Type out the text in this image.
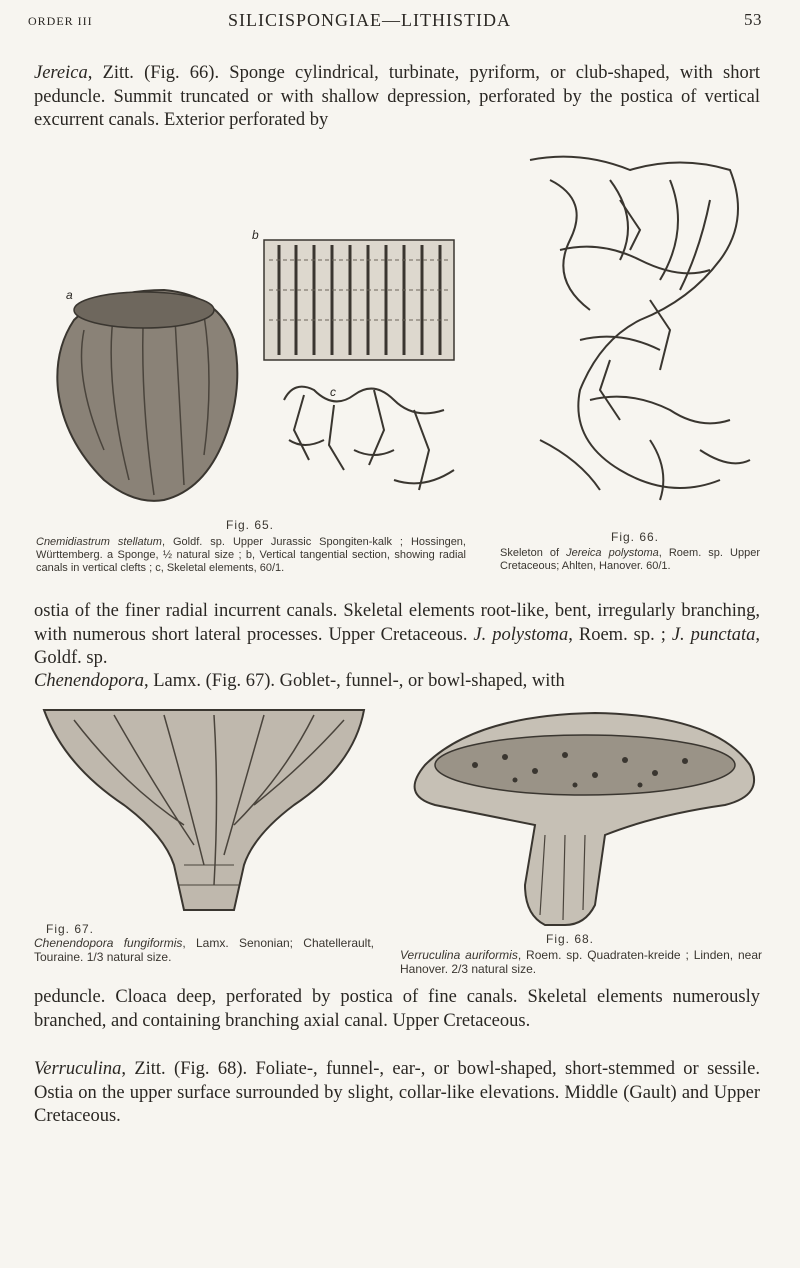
ORDER III	SILICISPONGIAE—LITHISTIDA	53
Jereica, Zitt. (Fig. 66). Sponge cylindrical, turbinate, pyriform, or club-shaped, with short peduncle. Summit truncated or with shallow depression, perforated by the postica of vertical excurrent canals. Exterior perforated by
a
b
c
Fig. 65.
Cnemidiastrum stellatum, Goldf. sp. Upper Jurassic Spongiten-kalk ; Hossingen, Württemberg. a Sponge, ½ natural size ; b, Vertical tangential section, showing radial canals in vertical clefts ; c, Skeletal elements, 60/1.
Fig. 66.
Skeleton of Jereica polystoma, Roem. sp. Upper Cretaceous; Ahlten, Hanover. 60/1.
ostia of the finer radial incurrent canals. Skeletal elements root-like, bent, irregularly branching, with numerous short lateral processes. Upper Cretaceous. J. polystoma, Roem. sp. ; J. punctata, Goldf. sp.
Chenendopora, Lamx. (Fig. 67). Goblet-, funnel-, or bowl-shaped, with
Fig. 67.
Chenendopora fungiformis, Lamx. Senonian; Chatellerault, Touraine. 1/3 natural size.
Fig. 68.
Verruculina auriformis, Roem. sp. Quadraten-kreide ; Linden, near Hanover. 2/3 natural size.
peduncle. Cloaca deep, perforated by postica of fine canals. Skeletal elements numerously branched, and containing branching axial canal. Upper Cretaceous.
Verruculina, Zitt. (Fig. 68). Foliate-, funnel-, ear-, or bowl-shaped, short-stemmed or sessile. Ostia on the upper surface surrounded by slight, collar-like elevations. Middle (Gault) and Upper Cretaceous.
